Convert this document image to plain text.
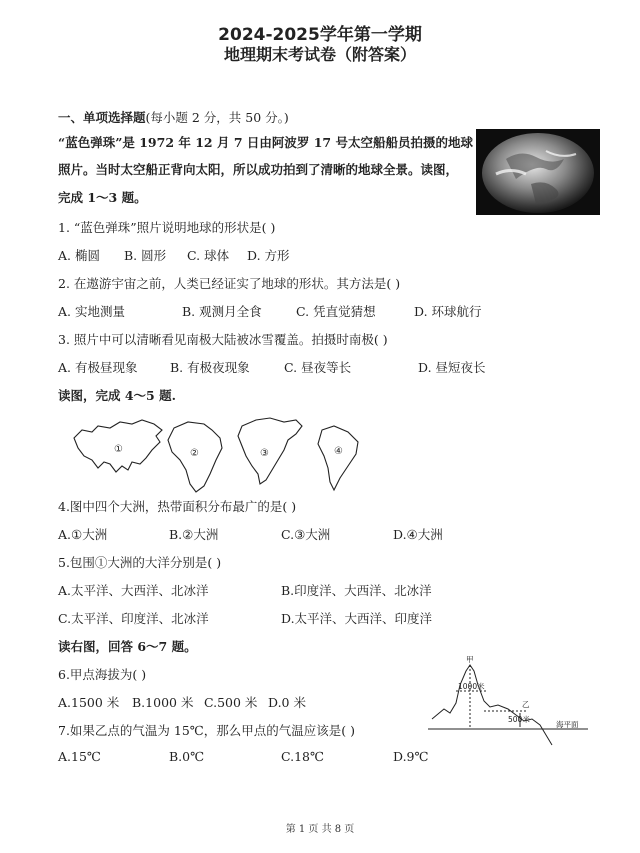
2024-2025学年第一学期
地理期末考试卷（附答案）
一、单项选择题(每小题 2 分，共 50 分。)
“蓝色弹珠”是 1972 年 12 月 7 日由阿波罗 17 号太空船船员拍摄的地球
照片。当时太空船正背向太阳，所以成功拍到了清晰的地球全景。读图，
完成 1～3 题。
1. “蓝色弹珠”照片说明地球的形状是( )
A. 椭圆 B. 圆形 C. 球体 D. 方形
2. 在遨游宇宙之前，人类已经证实了地球的形状。其方法是( )
A. 实地测量	B. 观测月全食	C. 凭直觉猜想	D. 环球航行
3. 照片中可以清晰看见南极大陆被冰雪覆盖。拍摄时南极( )
A. 有极昼现象	B. 有极夜现象	C. 昼夜等长	D. 昼短夜长
读图，完成 4～5 题.
①	②	③	④
4.图中四个大洲，热带面积分布最广的是( )
A.①大洲	B.②大洲	C.③大洲	D.④大洲
5.包围①大洲的大洋分别是( )
A.太平洋、大西洋、北冰洋	B.印度洋、大西洋、北冰洋
C.太平洋、印度洋、北冰洋	D.太平洋、大西洋、印度洋
读右图，回答 6～7 题。
6.甲点海拔为( )
A.1500 米 B.1000 米 C.500 米 D.0 米
7.如果乙点的气温为 15℃，那么甲点的气温应该是( )
A.15℃	B.0℃	C.18℃	D.9℃
甲
乙
1000米
500米
海平面
第 1 页 共 8 页
